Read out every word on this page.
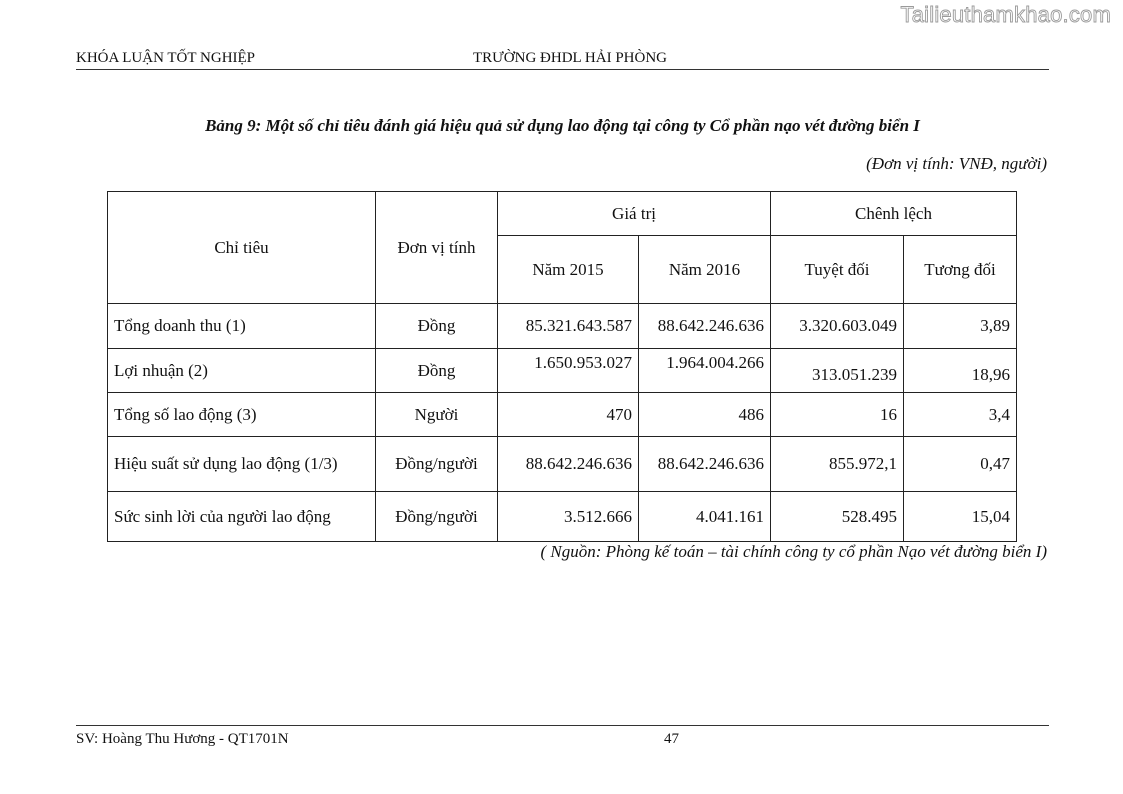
Tailieuthamkhao.com
KHÓA LUẬN TỐT NGHIỆP	TRƯỜNG ĐHDL HẢI PHÒNG
Bảng 9: Một số chỉ tiêu đánh giá hiệu quả sử dụng lao động tại công ty Cổ phần nạo vét đường biển I
(Đơn vị tính: VNĐ, người)
Chỉ tiêu	Đơn vị tính	Giá trị		Chênh lệch	
		Năm 2015	Năm 2016	Tuyệt đối	Tương đối
Tổng doanh thu (1)	Đồng	85.321.643.587	88.642.246.636	3.320.603.049	3,89
Lợi nhuận (2)	Đồng	1.650.953.027	1.964.004.266	313.051.239	18,96
Tổng số lao động (3)	Người	470	486	16	3,4
Hiệu suất sử dụng lao động (1/3)	Đồng/người	88.642.246.636	88.642.246.636	855.972,1	0,47
Sức sinh lời của người lao động	Đồng/người	3.512.666	4.041.161	528.495	15,04
( Nguồn: Phòng kế toán – tài chính công ty cổ phần Nạo vét đường biển I)
SV: Hoàng Thu Hương - QT1701N	47
